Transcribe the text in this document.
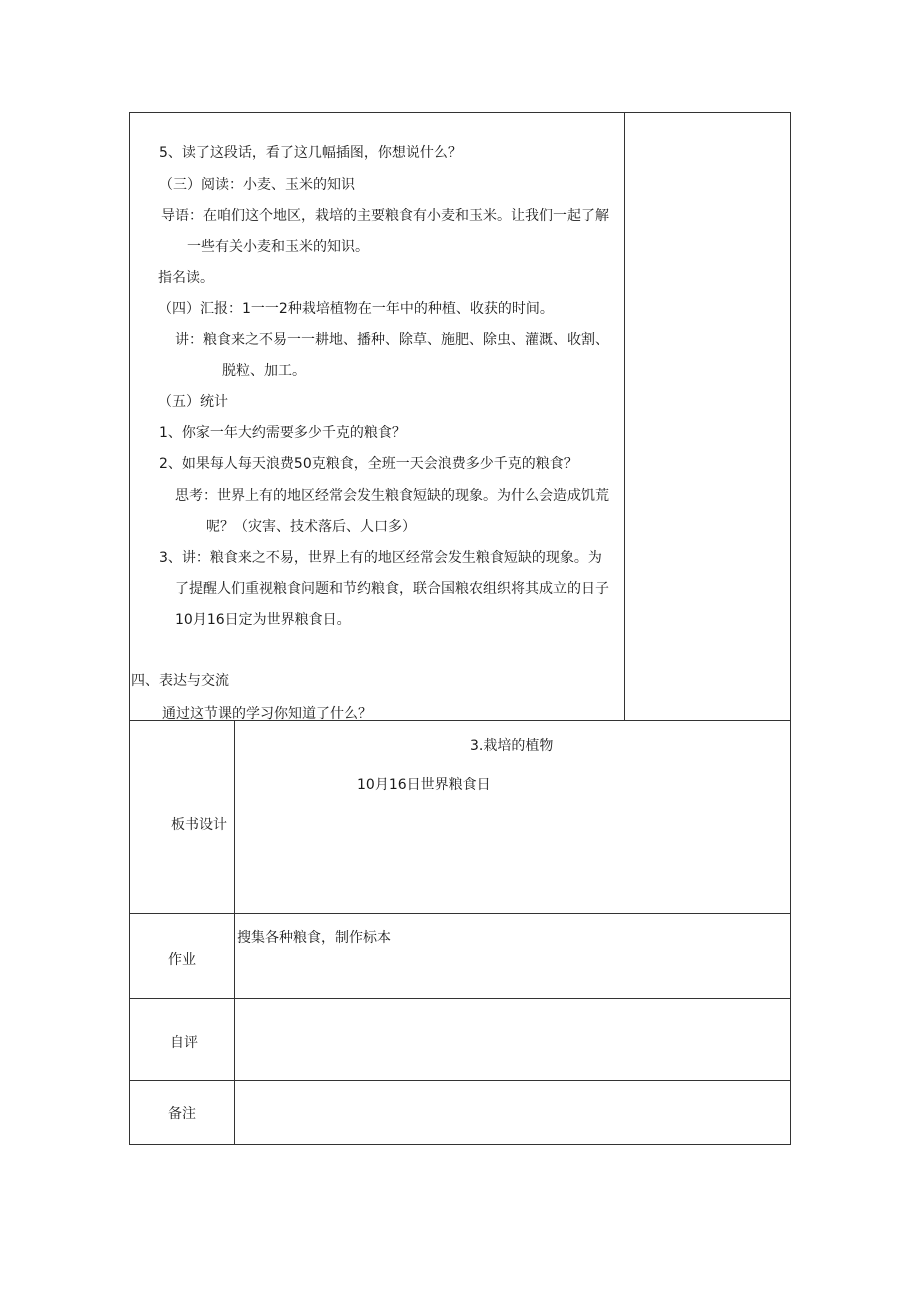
5、读了这段话，看了这几幅插图，你想说什么？
（三）阅读：小麦、玉米的知识
导语：在咱们这个地区，栽培的主要粮食有小麦和玉米。让我们一起了解
一些有关小麦和玉米的知识。
指名读。
（四）汇报：1一一2种栽培植物在一年中的种植、收获的时间。
讲：粮食来之不易一一耕地、播种、除草、施肥、除虫、灌溉、收割、
脱粒、加工。
（五）统计
1、你家一年大约需要多少千克的粮食？
2、如果每人每天浪费50克粮食，全班一天会浪费多少千克的粮食？
思考：世界上有的地区经常会发生粮食短缺的现象。为什么会造成饥荒
呢？（灾害、技术落后、人口多）
3、讲：粮食来之不易，世界上有的地区经常会发生粮食短缺的现象。为
了提醒人们重视粮食问题和节约粮食，联合国粮农组织将其成立的日子
10月16日定为世界粮食日。
四、表达与交流
通过这节课的学习你知道了什么？
板书设计
3.栽培的植物
10月16日世界粮食日
作业
搜集各种粮食，制作标本
自评
备注
